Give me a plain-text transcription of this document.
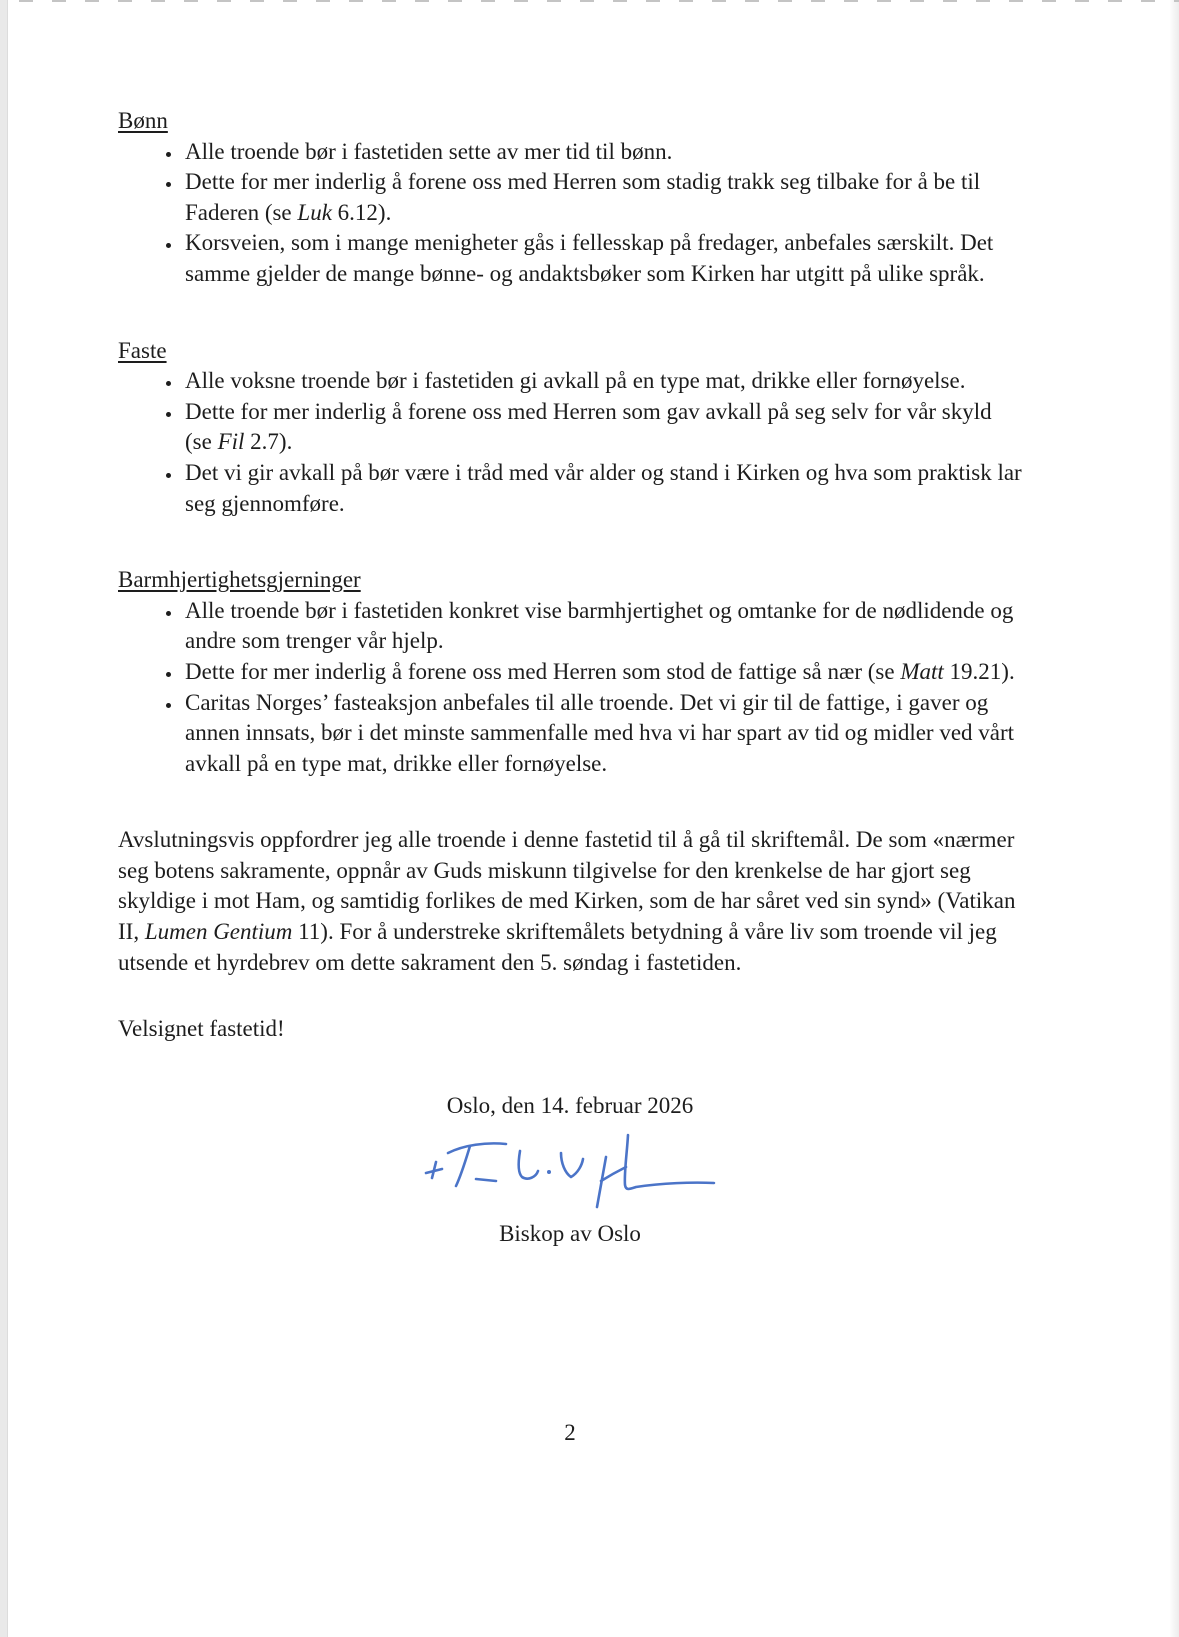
Bønn
• Alle troende bør i fastetiden sette av mer tid til bønn.
• Dette for mer inderlig å forene oss med Herren som stadig trakk seg tilbake for å be til Faderen (se Luk 6.12).
• Korsveien, som i mange menigheter gås i fellesskap på fredager, anbefales særskilt. Det samme gjelder de mange bønne- og andaktsbøker som Kirken har utgitt på ulike språk.
Faste
• Alle voksne troende bør i fastetiden gi avkall på en type mat, drikke eller fornøyelse.
• Dette for mer inderlig å forene oss med Herren som gav avkall på seg selv for vår skyld (se Fil 2.7).
• Det vi gir avkall på bør være i tråd med vår alder og stand i Kirken og hva som praktisk lar seg gjennomføre.
Barmhjertighetsgjerninger
• Alle troende bør i fastetiden konkret vise barmhjertighet og omtanke for de nødlidende og andre som trenger vår hjelp.
• Dette for mer inderlig å forene oss med Herren som stod de fattige så nær (se Matt 19.21).
• Caritas Norges’ fasteaksjon anbefales til alle troende. Det vi gir til de fattige, i gaver og annen innsats, bør i det minste sammenfalle med hva vi har spart av tid og midler ved vårt avkall på en type mat, drikke eller fornøyelse.

Avslutningsvis oppfordrer jeg alle troende i denne fastetid til å gå til skriftemål. De som «nærmer seg botens sakramente, oppnår av Guds miskunn tilgivelse for den krenkelse de har gjort seg skyldige i mot Ham, og samtidig forlikes de med Kirken, som de har såret ved sin synd» (Vatikan II, Lumen Gentium 11). For å understreke skriftemålets betydning å våre liv som troende vil jeg utsende et hyrdebrev om dette sakrament den 5. søndag i fastetiden.

Velsignet fastetid!

Oslo, den 14. februar 2026

Biskop av Oslo

2
